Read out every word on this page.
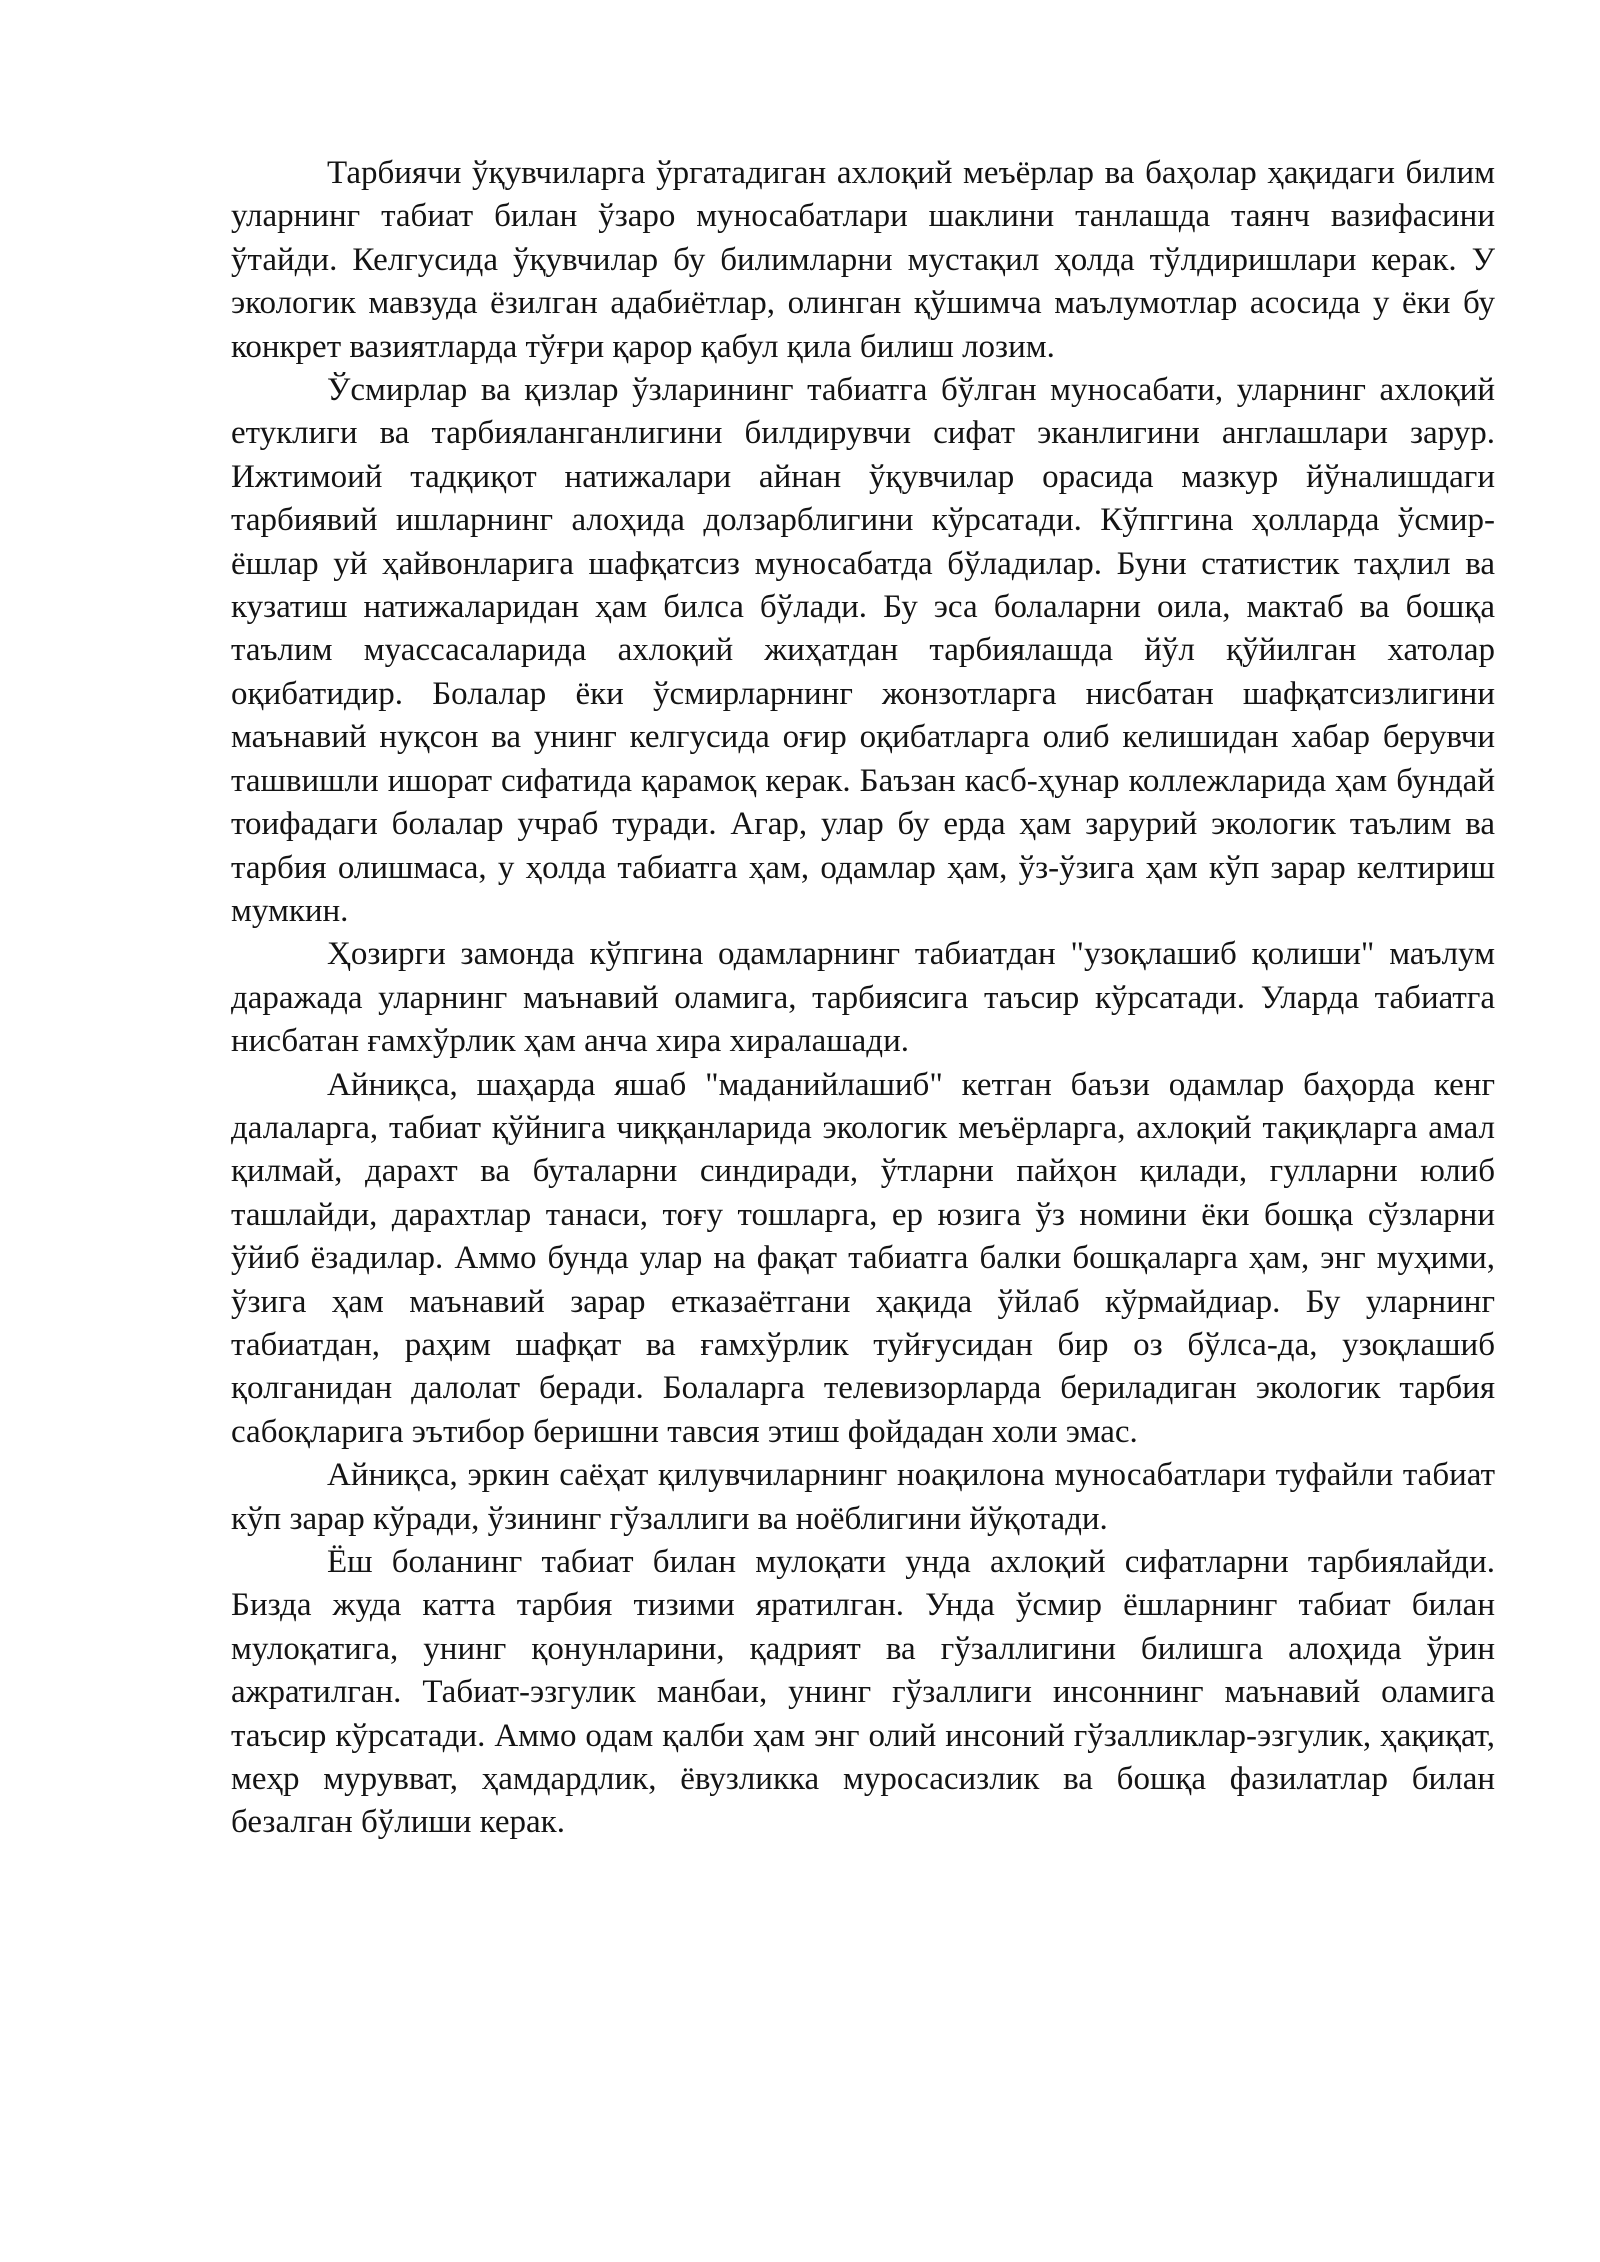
Тарбиячи ўқувчиларга ўргатадиган ахлоқий меъёрлар ва баҳолар ҳақидаги билим уларнинг табиат билан ўзаро муносабатлари шаклини танлашда таянч вазифасини ўтайди. Келгусида ўқувчилар бу билимларни мустақил ҳолда тўлдиришлари керак. У экологик мавзуда ёзилган адабиётлар, олинган қўшимча маълумотлар асосида у ёки бу конкрет вазиятларда тўғри қарор қабул қила билиш лозим.

Ўсмирлар ва қизлар ўзларининг табиатга бўлган муносабати, уларнинг ахлоқий етуклиги ва тарбияланганлигини билдирувчи сифат эканлигини англашлари зарур. Ижтимоий тадқиқот натижалари айнан ўқувчилар орасида мазкур йўналишдаги тарбиявий ишларнинг алоҳида долзарблигини кўрсатади. Кўпггина ҳолларда ўсмир-ёшлар уй ҳайвонларига шафқатсиз муносабатда бўладилар. Буни статистик таҳлил ва кузатиш натижаларидан ҳам билса бўлади. Бу эса болаларни оила, мактаб ва бошқа таълим муассасаларида ахлоқий жиҳатдан тарбиялашда йўл қўйилган хатолар оқибатидир. Болалар ёки ўсмирларнинг жонзотларга нисбатан шафқатсизлигини маънавий нуқсон ва унинг келгусида оғир оқибатларга олиб келишидан хабар берувчи ташвишли ишорат сифатида қарамоқ керак. Баъзан касб-ҳунар коллежларида ҳам бундай тоифадаги болалар учраб туради. Агар, улар бу ерда ҳам зарурий экологик таълим ва тарбия олишмаса, у ҳолда табиатга ҳам, одамлар ҳам, ўз-ўзига ҳам кўп зарар келтириш мумкин.

Ҳозирги замонда кўпгина одамларнинг табиатдан "узоқлашиб қолиши" маълум даражада уларнинг маънавий оламига, тарбиясига таъсир кўрсатади. Уларда табиатга нисбатан ғамхўрлик ҳам анча хира хиралашади.

Айниқса, шаҳарда яшаб "маданийлашиб" кетган баъзи одамлар баҳорда кенг далаларга, табиат қўйнига чиққанларида экологик меъёрларга, ахлоқий тақиқларга амал қилмай, дарахт ва буталарни синдиради, ўтларни пайҳон қилади, гулларни юлиб ташлайди, дарахтлар танаси, тоғу тошларга, ер юзига ўз номини ёки бошқа сўзларни ўйиб ёзадилар. Аммо бунда улар на фақат табиатга балки бошқаларга ҳам, энг муҳими, ўзига ҳам маънавий зарар етказаётгани ҳақида ўйлаб кўрмайдиар. Бу уларнинг табиатдан, раҳим шафқат ва ғамхўрлик туйғусидан бир оз бўлса-да, узоқлашиб қолганидан далолат беради. Болаларга телевизорларда бериладиган экологик тарбия сабоқларига эътибор беришни тавсия этиш фойдадан холи эмас.

Айниқса, эркин саёҳат қилувчиларнинг ноақилона муносабатлари туфайли табиат кўп зарар кўради, ўзининг гўзаллиги ва ноёблигини йўқотади.

Ёш боланинг табиат билан мулоқати унда ахлоқий сифатларни тарбиялайди. Бизда жуда катта тарбия тизими яратилган. Унда ўсмир ёшларнинг табиат билан мулоқатига, унинг қонунларини, қадрият ва гўзаллигини билишга алоҳида ўрин ажратилган. Табиат-эзгулик манбаи, унинг гўзаллиги инсоннинг маънавий оламига таъсир кўрсатади. Аммо одам қалби ҳам энг олий инсоний гўзалликлар-эзгулик, ҳақиқат, меҳр мурувват, ҳамдардлик, ёвузликка муросасизлик ва бошқа фазилатлар билан безалган бўлиши керак.
